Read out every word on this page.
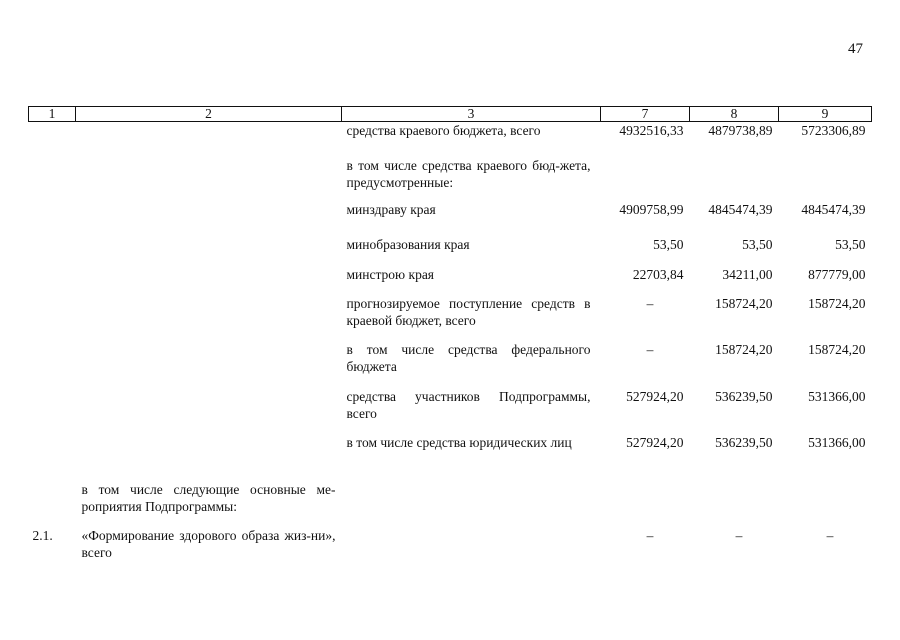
47
1	2	3	7	8	9
		средства краевого бюджета, всего	4932516,33	4879738,89	5723306,89
		в том числе средства краевого бюд-жета, предусмотренные:			
		минздраву края	4909758,99	4845474,39	4845474,39
		минобразования края	53,50	53,50	53,50
		минстрою края	22703,84	34211,00	877779,00
		прогнозируемое поступление средств в краевой бюджет, всего	–	158724,20	158724,20
		в том числе средства федерального бюджета	–	158724,20	158724,20
		средства участников Подпрограммы, всего	527924,20	536239,50	531366,00
		в том числе средства юридических лиц	527924,20	536239,50	531366,00
	в том числе следующие основные ме-роприятия Подпрограммы:				
2.1.	«Формирование здорового образа жиз-ни», всего		–	–	–
